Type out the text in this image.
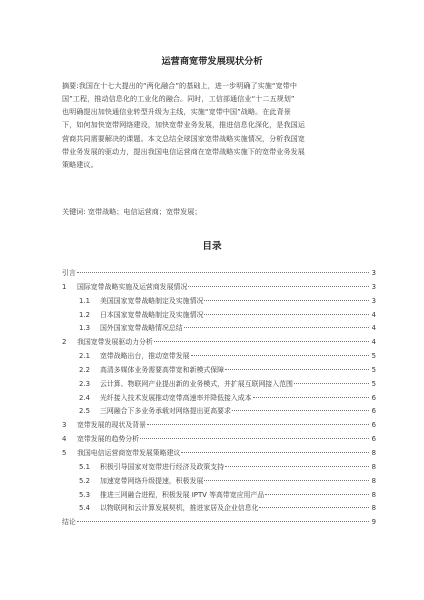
运营商宽带发展现状分析
摘要:我国在十七大提出的“两化融合”的基础上，进一步明确了实施“宽带中
国”工程，推动信息化的工业化的融合。同时，工信部通信业“十二五规划”
也明确提出加快通信业转型升级为主线，实施“宽带中国”战略。在此背景
下，如何加快宽带网络建设，加快宽带业务发展，推进信息化深化，是我国运
营商共同需要解决的课题。本文总结全球国家宽带战略实施情况，分析我国宽
带业务发展的驱动力，提出我国电信运营商在宽带战略实施下的宽带业务发展
策略建议。
关键词: 宽带战略；电信运营商；宽带发展；
目录
引言	3
1	国际宽带战略实施及运营商发展情况	3
1.1	美国国家宽带战略制定及实施情况	3
1.2	日本国家宽带战略制定及实施情况	4
1.3	国外国家宽带战略情况总结	4
2	我国宽带发展驱动力分析	4
2.1	宽带战略出台，推动宽带发展	5
2.2	高清多媒体业务需要高带宽和新模式保障	5
2.3	云计算、物联网产业提出新的业务模式，并扩展互联网接入范围	5
2.4	光纤接入技术发展推动宽带高速率并降低接入成本	6
2.5	三网融合下多业务承载对网络提出更高要求	6
3	宽带发展的现状及背景	6
4	宽带发展的趋势分析	6
5	我国电信运营商宽带发展策略建议	8
5.1	积极引导国家对宽带进行经济及政策支持	8
5.2	加速宽带网络升级提速，积极发展	8
5.3	推进三网融合进程，积极发展 IPTV 等高带宽应用产品	8
5.4	以物联网和云计算发展契机，推进家居及企业信息化	8
结论	9
